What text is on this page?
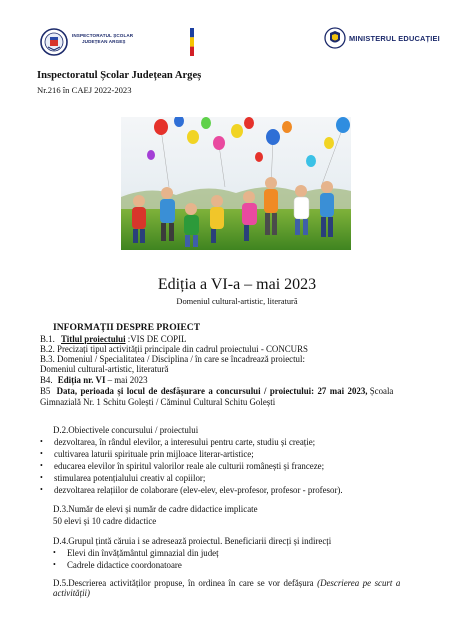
INSPECTORATUL ȘCOLAR
JUDEȚEAN ARGEȘ	MINISTERUL EDUCAȚIEI
Inspectoratul Școlar Județean Argeș
Nr.216 în CAEJ 2022-2023
Ediția a VI-a – mai 2023
Domeniul cultural-artistic, literatură
INFORMAȚII DESPRE PROIECT
B.1. Titlul proiectului :VIS DE COPIL
B.2. Precizați tipul activității principale din cadrul proiectului - CONCURS
B.3. Domeniul / Specialitatea / Disciplina / în care se încadrează proiectul:
Domeniul cultural-artistic, literatură
B4. Ediția nr. VI – mai 2023
B5 Data, perioada și locul de desfășurare a concursului / proiectului: 27 mai 2023, Școala
Gimnazială Nr. 1 Schitu Golești / Căminul Cultural Schitu Golești
D.2.Obiectivele concursului / proiectului
• dezvoltarea, în rândul elevilor, a interesului pentru carte, studiu și creație;
• cultivarea laturii spirituale prin mijloace literar-artistice;
• educarea elevilor în spiritul valorilor reale ale culturii românești și franceze;
• stimularea potențialului creativ al copiilor;
• dezvoltarea relațiilor de colaborare (elev-elev, elev-profesor, profesor - profesor).
D.3.Număr de elevi și număr de cadre didactice implicate
50 elevi și 10 cadre didactice
D.4.Grupul țintă căruia i se adresează proiectul. Beneficiarii direcți și indirecți
• Elevi din învățământul gimnazial din județ
• Cadrele didactice coordonatoare
D.5.Descrierea activităților propuse, în ordinea în care se vor defășura (Descrierea pe scurt a
activității)
